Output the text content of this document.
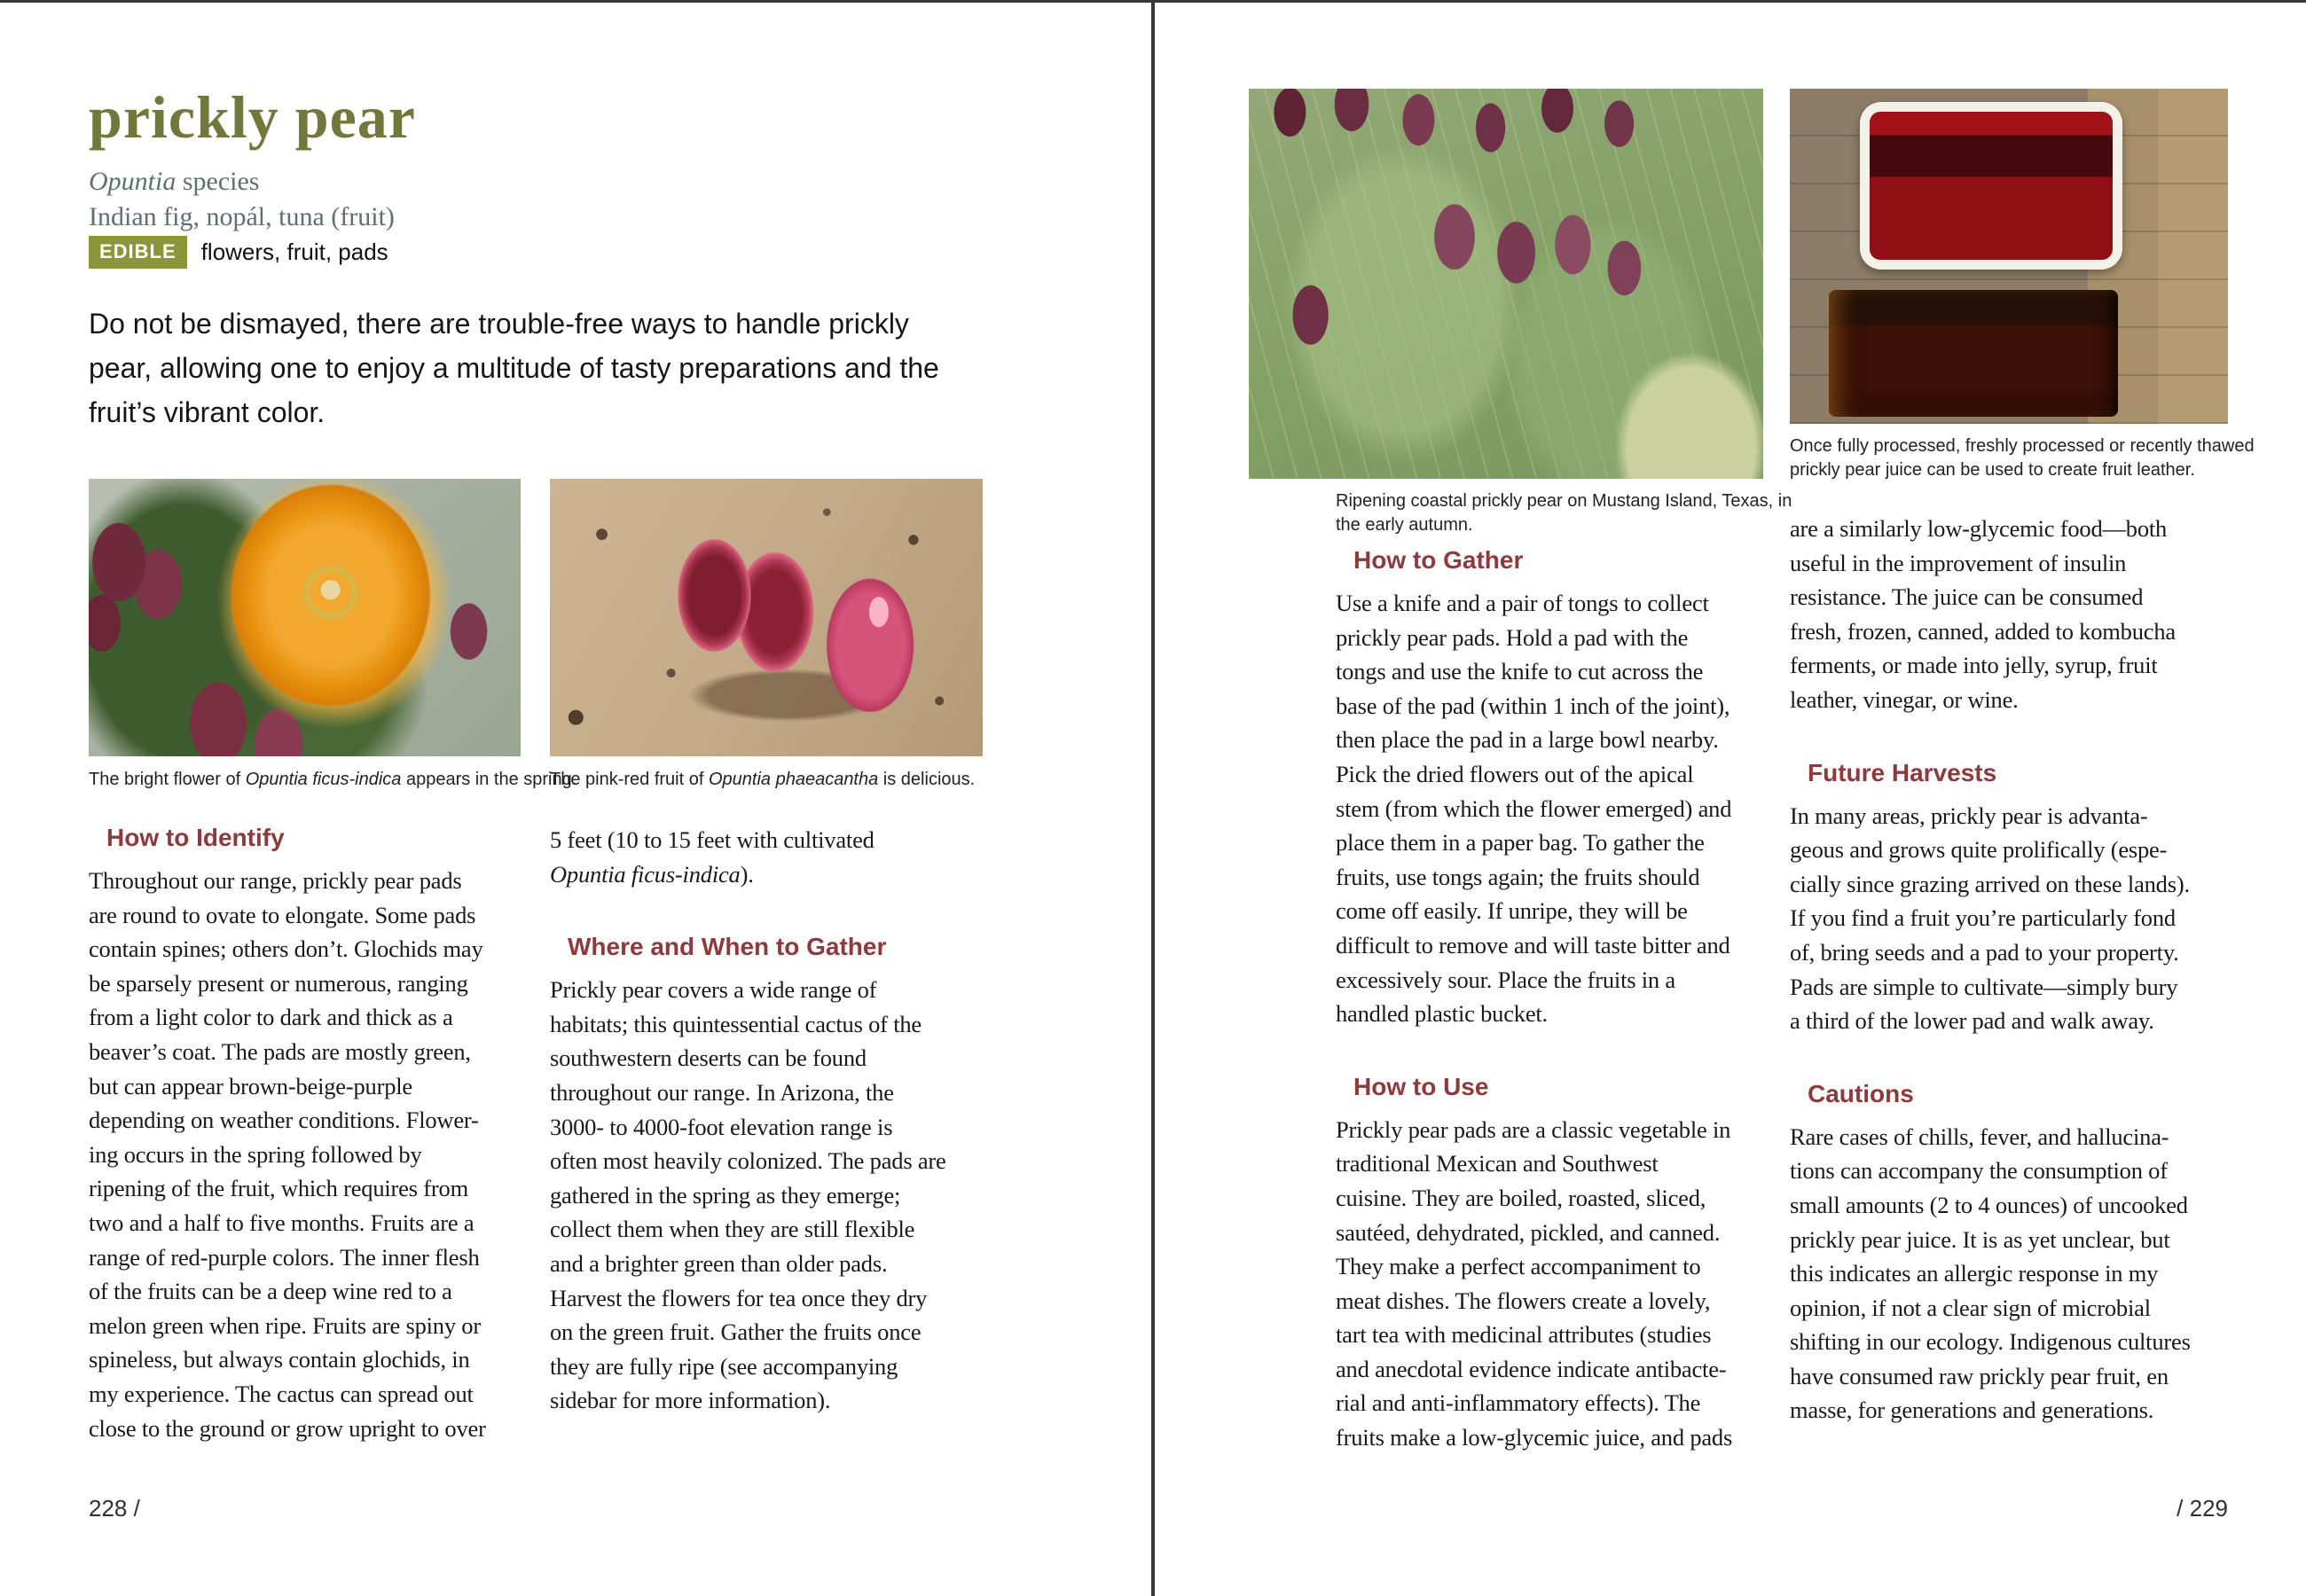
prickly pear
Opuntia species
Indian fig, nopál, tuna (fruit)
EDIBLE	flowers, fruit, pads
Do not be dismayed, there are trouble-free ways to handle prickly
pear, allowing one to enjoy a multitude of tasty preparations and the
fruit’s vibrant color.
The bright flower of Opuntia ficus-indica appears in the spring.
The pink-red fruit of Opuntia phaeacantha is delicious.
How to Identify
Throughout our range, prickly pear pads
are round to ovate to elongate. Some pads
contain spines; others don’t. Glochids may
be sparsely present or numerous, ranging
from a light color to dark and thick as a
beaver’s coat. The pads are mostly green,
but can appear brown-beige-purple
depending on weather conditions. Flower-
ing occurs in the spring followed by
ripening of the fruit, which requires from
two and a half to five months. Fruits are a
range of red-purple colors. The inner flesh
of the fruits can be a deep wine red to a
melon green when ripe. Fruits are spiny or
spineless, but always contain glochids, in
my experience. The cactus can spread out
close to the ground or grow upright to over
5 feet (10 to 15 feet with cultivated
Opuntia ficus-indica).
Where and When to Gather
Prickly pear covers a wide range of
habitats; this quintessential cactus of the
southwestern deserts can be found
throughout our range. In Arizona, the
3000- to 4000-foot elevation range is
often most heavily colonized. The pads are
gathered in the spring as they emerge;
collect them when they are still flexible
and a brighter green than older pads.
Harvest the flowers for tea once they dry
on the green fruit. Gather the fruits once
they are fully ripe (see accompanying
sidebar for more information).
228 /
Ripening coastal prickly pear on Mustang Island, Texas, in
the early autumn.
Once fully processed, freshly processed or recently thawed
prickly pear juice can be used to create fruit leather.
How to Gather
Use a knife and a pair of tongs to collect
prickly pear pads. Hold a pad with the
tongs and use the knife to cut across the
base of the pad (within 1 inch of the joint),
then place the pad in a large bowl nearby.
Pick the dried flowers out of the apical
stem (from which the flower emerged) and
place them in a paper bag. To gather the
fruits, use tongs again; the fruits should
come off easily. If unripe, they will be
difficult to remove and will taste bitter and
excessively sour. Place the fruits in a
handled plastic bucket.
How to Use
Prickly pear pads are a classic vegetable in
traditional Mexican and Southwest
cuisine. They are boiled, roasted, sliced,
sautéed, dehydrated, pickled, and canned.
They make a perfect accompaniment to
meat dishes. The flowers create a lovely,
tart tea with medicinal attributes (studies
and anecdotal evidence indicate antibacte-
rial and anti-inflammatory effects). The
fruits make a low-glycemic juice, and pads
are a similarly low-glycemic food—both
useful in the improvement of insulin
resistance. The juice can be consumed
fresh, frozen, canned, added to kombucha
ferments, or made into jelly, syrup, fruit
leather, vinegar, or wine.
Future Harvests
In many areas, prickly pear is advanta-
geous and grows quite prolifically (espe-
cially since grazing arrived on these lands).
If you find a fruit you’re particularly fond
of, bring seeds and a pad to your property.
Pads are simple to cultivate—simply bury
a third of the lower pad and walk away.
Cautions
Rare cases of chills, fever, and hallucina-
tions can accompany the consumption of
small amounts (2 to 4 ounces) of uncooked
prickly pear juice. It is as yet unclear, but
this indicates an allergic response in my
opinion, if not a clear sign of microbial
shifting in our ecology. Indigenous cultures
have consumed raw prickly pear fruit, en
masse, for generations and generations.
/ 229
